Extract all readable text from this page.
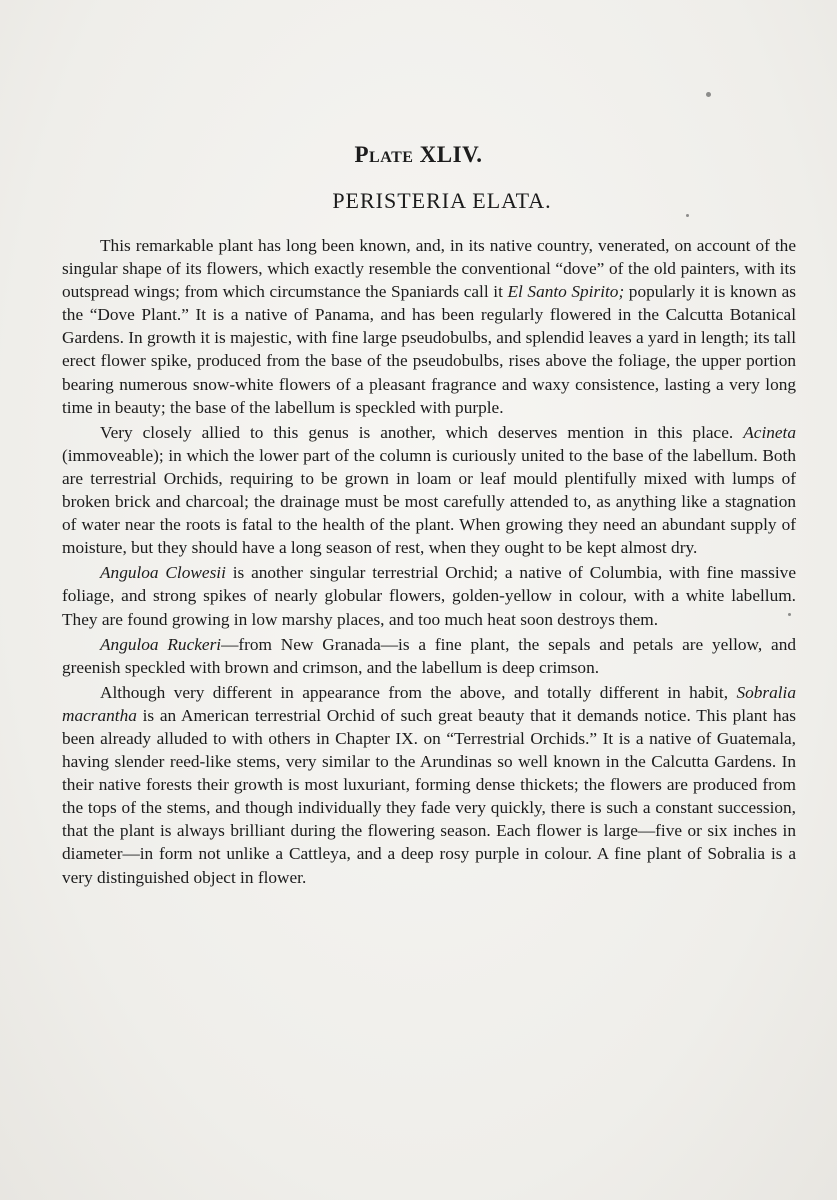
Plate XLIV.
PERISTERIA ELATA.

This remarkable plant has long been known, and, in its native country, venerated, on account of the singular shape of its flowers, which exactly resemble the conventional “dove” of the old painters, with its outspread wings; from which circumstance the Spaniards call it El Santo Spirito; popularly it is known as the “Dove Plant.” It is a native of Panama, and has been regularly flowered in the Calcutta Botanical Gardens. In growth it is majestic, with fine large pseudobulbs, and splendid leaves a yard in length; its tall erect flower spike, produced from the base of the pseudobulbs, rises above the foliage, the upper portion bearing numerous snow-white flowers of a pleasant fragrance and waxy consistence, lasting a very long time in beauty; the base of the labellum is speckled with purple.

Very closely allied to this genus is another, which deserves mention in this place. Acineta (immoveable); in which the lower part of the column is curiously united to the base of the labellum. Both are terrestrial Orchids, requiring to be grown in loam or leaf mould plentifully mixed with lumps of broken brick and charcoal; the drainage must be most carefully attended to, as anything like a stagnation of water near the roots is fatal to the health of the plant. When growing they need an abundant supply of moisture, but they should have a long season of rest, when they ought to be kept almost dry.

Anguloa Clowesii is another singular terrestrial Orchid; a native of Columbia, with fine massive foliage, and strong spikes of nearly globular flowers, golden-yellow in colour, with a white labellum. They are found growing in low marshy places, and too much heat soon destroys them.

Anguloa Ruckeri—from New Granada—is a fine plant, the sepals and petals are yellow, and greenish speckled with brown and crimson, and the labellum is deep crimson.

Although very different in appearance from the above, and totally different in habit, Sobralia macrantha is an American terrestrial Orchid of such great beauty that it demands notice. This plant has been already alluded to with others in Chapter IX. on “Terrestrial Orchids.” It is a native of Guatemala, having slender reed-like stems, very similar to the Arundinas so well known in the Calcutta Gardens. In their native forests their growth is most luxuriant, forming dense thickets; the flowers are produced from the tops of the stems, and though individually they fade very quickly, there is such a constant succession, that the plant is always brilliant during the flowering season. Each flower is large—five or six inches in diameter—in form not unlike a Cattleya, and a deep rosy purple in colour. A fine plant of Sobralia is a very distinguished object in flower.
